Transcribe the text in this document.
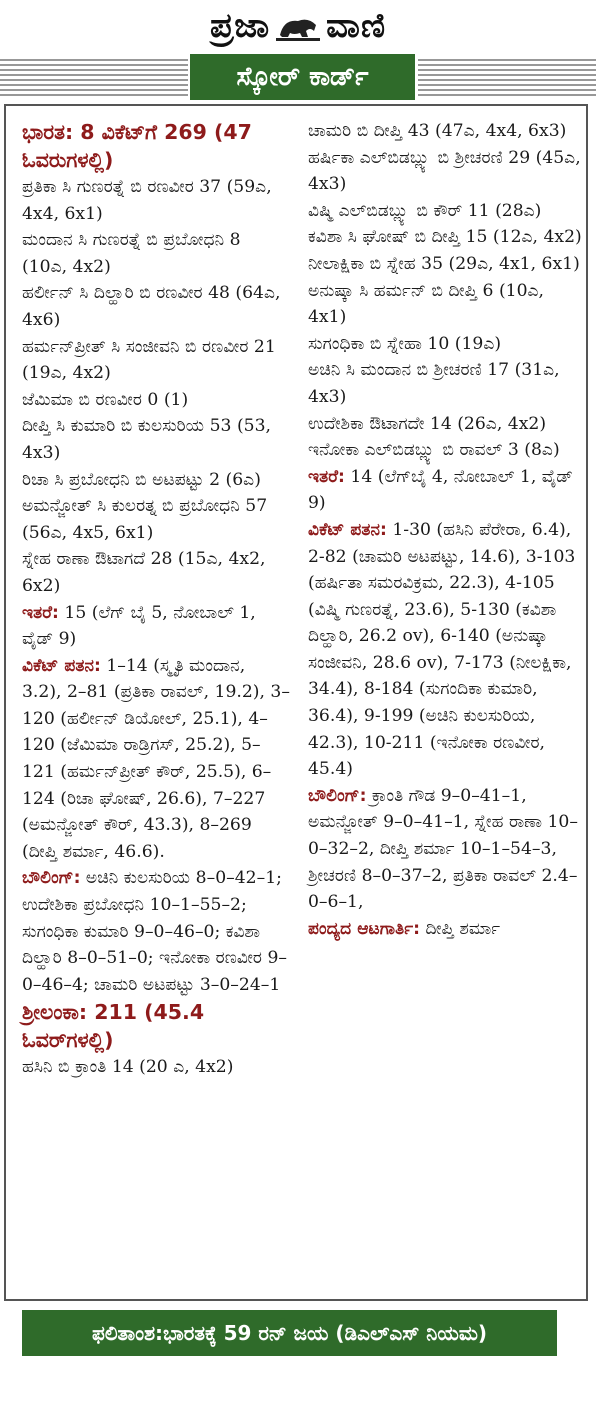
ಪ್ರಜಾ ವಾಣಿ
ಸ್ಕೋರ್ ಕಾರ್ಡ್

ಭಾರತ: 8 ವಿಕೆಟ್‌ಗೆ 269 (47 ಓವರುಗಳಲ್ಲಿ)

ಪ್ರತಿಕಾ ಸಿ ಗುಣರತ್ನೆ ಬಿ ರಣವೀರ 37 (59ಎ, 4x4, 6x1)

ಮಂದಾನ ಸಿ ಗುಣರತ್ನೆ ಬಿ ಪ್ರಬೋಧನಿ 8 (10ಎ, 4x2)

ಹರ್ಲೀನ್ ಸಿ ದಿಲ್ಹಾರಿ ಬಿ ರಣವೀರ 48 (64ಎ, 4x6)

ಹರ್ಮನ್‌ಪ್ರೀತ್ ಸಿ ಸಂಜೀವನಿ ಬಿ ರಣವೀರ 21 (19ಎ, 4x2)

ಜೆಮಿಮಾ ಬಿ ರಣವೀರ 0 (1)

ದೀಪ್ತಿ ಸಿ ಕುಮಾರಿ ಬಿ ಕುಲಸುರಿಯ 53 (53, 4x3)

ರಿಚಾ ಸಿ ಪ್ರಬೋಧನಿ ಬಿ ಅಟಪಟ್ಟು 2 (6ಎ)

ಅಮನ್ಜೋತ್ ಸಿ ಕುಲರತ್ನ ಬಿ ಪ್ರಬೋಧನಿ 57 (56ಎ, 4x5, 6x1)

ಸ್ನೇಹ ರಾಣಾ ಔಟಾಗದೆ 28 (15ಎ, 4x2, 6x2)

ಇತರೆ: 15 (ಲೆಗ್ ಬೈ 5, ನೋಬಾಲ್ 1, ವೈಡ್ 9)

ವಿಕೆಟ್ ಪತನ: 1–14 (ಸ್ಮೃತಿ ಮಂದಾನ, 3.2), 2–81 (ಪ್ರತಿಕಾ ರಾವಲ್, 19.2), 3–120 (ಹರ್ಲೀನ್ ಡಿಯೋಲ್, 25.1), 4–120 (ಜೆಮಿಮಾ ರಾಡ್ರಿಗಸ್, 25.2), 5–121 (ಹರ್ಮನ್‌ಪ್ರೀತ್ ಕೌರ್, 25.5), 6–124 (ರಿಚಾ ಘೋಷ್, 26.6), 7–227 (ಅಮನ್ಜೋತ್ ಕೌರ್, 43.3), 8–269 (ದೀಪ್ತಿ ಶರ್ಮಾ, 46.6).

ಬೌಲಿಂಗ್: ಅಚಿನಿ ಕುಲಸುರಿಯ 8–0–42–1; ಉದೇಶಿಕಾ ಪ್ರಬೋಧನಿ 10–1–55–2; ಸುಗಂಧಿಕಾ ಕುಮಾರಿ 9–0–46–0; ಕವಿಶಾ ದಿಲ್ಹಾರಿ 8–0–51–0; ಇನೋಕಾ ರಣವೀರ 9–0–46–4; ಚಾಮರಿ ಅಟಪಟ್ಟು 3–0–24–1

ಶ್ರೀಲಂಕಾ: 211 (45.4 ಓವರ್‌ಗಳಲ್ಲಿ)

ಹಸಿನಿ ಬಿ ಕ್ರಾಂತಿ 14 (20 ಎ, 4x2)

ಚಾಮರಿ ಬಿ ದೀಪ್ತಿ 43 (47ಎ, 4x4, 6x3)

ಹರ್ಷಿಕಾ ಎಲ್‌ಬಿಡಬ್ಲ್ಯು ಬಿ ಶ್ರೀಚರಣಿ 29 (45ಎ, 4x3)

ವಿಷ್ಮಿ ಎಲ್‌ಬಿಡಬ್ಲ್ಯು ಬಿ ಕೌರ್ 11 (28ಎ)

ಕವಿಶಾ ಸಿ ಘೋಷ್ ಬಿ ದೀಪ್ತಿ 15 (12ಎ, 4x2)

ನೀಲಾಕ್ಷಿಕಾ ಬಿ ಸ್ನೇಹ 35 (29ಎ, 4x1, 6x1)

ಅನುಷ್ಕಾ ಸಿ ಹರ್ಮನ್ ಬಿ ದೀಪ್ತಿ 6 (10ಎ, 4x1)

ಸುಗಂಧಿಕಾ ಬಿ ಸ್ನೇಹಾ 10 (19ಎ)

ಅಚಿನಿ ಸಿ ಮಂದಾನ ಬಿ ಶ್ರೀಚರಣಿ 17 (31ಎ, 4x3)

ಉದೇಶಿಕಾ ಔಟಾಗದೇ 14 (26ಎ, 4x2)

ಇನೋಕಾ ಎಲ್‌ಬಿಡಬ್ಲ್ಯು ಬಿ ರಾವಲ್ 3 (8ಎ)

ಇತರೆ: 14 (ಲೆಗ್‌ಬೈ 4, ನೋಬಾಲ್ 1, ವೈಡ್ 9)

ವಿಕೆಟ್ ಪತನ: 1-30 (ಹಸಿನಿ ಪೆರೇರಾ, 6.4), 2-82 (ಚಾಮರಿ ಅಟಪಟ್ಟು, 14.6), 3-103 (ಹರ್ಷಿತಾ ಸಮರವಿಕ್ರಮ, 22.3), 4-105 (ವಿಷ್ಮಿ ಗುಣರತ್ನೆ, 23.6), 5-130 (ಕವಿಶಾ ದಿಲ್ಹಾರಿ, 26.2 ov), 6-140 (ಅನುಷ್ಕಾ ಸಂಜೀವನಿ, 28.6 ov), 7-173 (ನೀಲಕ್ಷಿಕಾ, 34.4), 8-184 (ಸುಗಂದಿಕಾ ಕುಮಾರಿ, 36.4), 9-199 (ಅಚಿನಿ ಕುಲಸುರಿಯ, 42.3), 10-211 (ಇನೋಕಾ ರಣವೀರ, 45.4)

ಬೌಲಿಂಗ್: ಕ್ರಾಂತಿ ಗೌಡ 9–0–41–1, ಅಮನ್ಜೋತ್ 9–0–41–1, ಸ್ನೇಹ ರಾಣಾ 10–0–32–2, ದೀಪ್ತಿ ಶರ್ಮಾ 10–1–54–3, ಶ್ರೀಚರಣಿ 8–0–37–2, ಪ್ರತಿಕಾ ರಾವಲ್ 2.4–0–6–1,

ಪಂದ್ಯದ ಆಟಗಾರ್ತಿ: ದೀಪ್ತಿ ಶರ್ಮಾ

ಫಲಿತಾಂಶ: ಭಾರತಕ್ಕೆ 59 ರನ್ ಜಯ (ಡಿಎಲ್‌ಎಸ್ ನಿಯಮ)
